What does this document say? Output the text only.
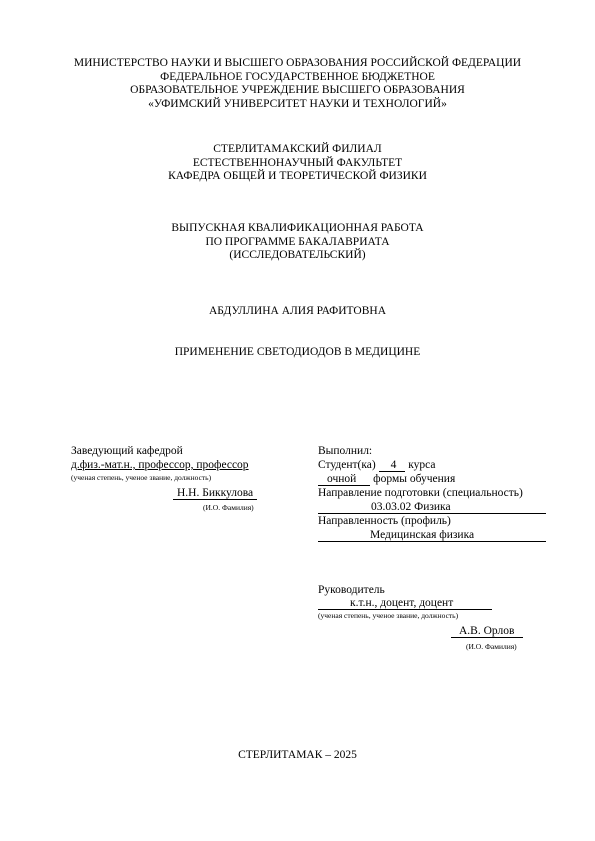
МИНИСТЕРСТВО НАУКИ И ВЫСШЕГО ОБРАЗОВАНИЯ РОССИЙСКОЙ ФЕДЕРАЦИИ
ФЕДЕРАЛЬНОЕ ГОСУДАРСТВЕННОЕ БЮДЖЕТНОЕ
ОБРАЗОВАТЕЛЬНОЕ УЧРЕЖДЕНИЕ ВЫСШЕГО ОБРАЗОВАНИЯ
«УФИМСКИЙ УНИВЕРСИТЕТ НАУКИ И ТЕХНОЛОГИЙ»
СТЕРЛИТАМАКСКИЙ ФИЛИАЛ
ЕСТЕСТВЕННОНАУЧНЫЙ ФАКУЛЬТЕТ
КАФЕДРА ОБЩЕЙ И ТЕОРЕТИЧЕСКОЙ ФИЗИКИ
ВЫПУСКНАЯ КВАЛИФИКАЦИОННАЯ РАБОТА
ПО ПРОГРАММЕ БАКАЛАВРИАТА
(ИССЛЕДОВАТЕЛЬСКИЙ)
АБДУЛЛИНА АЛИЯ РАФИТОВНА
ПРИМЕНЕНИЕ СВЕТОДИОДОВ В МЕДИЦИНЕ
Заведующий кафедрой
д.физ.-мат.н., профессор, профессор
(ученая степень, ученое звание, должность)
Н.Н. Биккулова
(И.О. Фамилия)
Выполнил:
Студент(ка) 4 курса
очной формы обучения
Направление подготовки (специальность)
03.03.02 Физика
Направленность (профиль)
Медицинская физика
Руководитель
к.т.н., доцент, доцент
(ученая степень, ученое звание, должность)
А.В. Орлов
(И.О. Фамилия)
СТЕРЛИТАМАК – 2025
